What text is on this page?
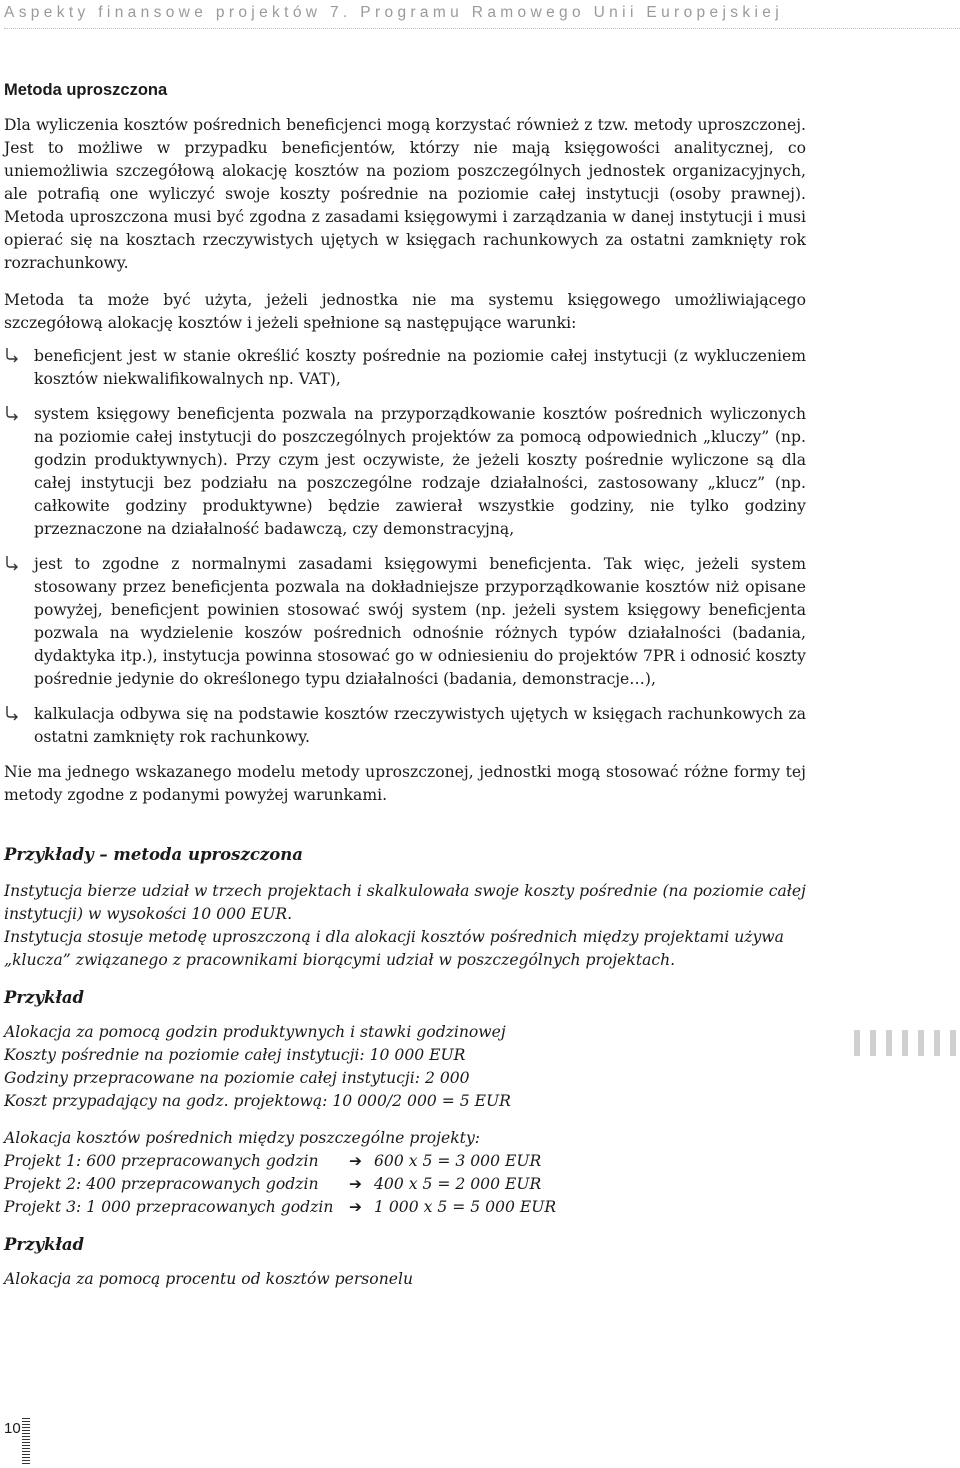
Aspekty finansowe projektów 7. Programu Ramowego Unii Europejskiej
Metoda uproszczona

Dla wyliczenia kosztów pośrednich beneficjenci mogą korzystać również z tzw. metody uproszczonej. Jest to możliwe w przypadku beneficjentów, którzy nie mają księgowości analitycznej, co uniemożliwia szczegółową alokację kosztów na poziom poszczególnych jednostek organizacyjnych, ale potrafią one wyliczyć swoje koszty pośrednie na poziomie całej instytucji (osoby prawnej). Metoda uproszczona musi być zgodna z zasadami księgowymi i zarządzania w danej instytucji i musi opierać się na kosztach rzeczywistych ujętych w księgach rachunkowych za ostatni zamknięty rok rozrachunkowy.

Metoda ta może być użyta, jeżeli jednostka nie ma systemu księgowego umożliwiającego szczegółową alokację kosztów i jeżeli spełnione są następujące warunki:

beneficjent jest w stanie określić koszty pośrednie na poziomie całej instytucji (z wykluczeniem kosztów niekwalifikowalnych np. VAT),
system księgowy beneficjenta pozwala na przyporządkowanie kosztów pośrednich wyliczonych na poziomie całej instytucji do poszczególnych projektów za pomocą odpowiednich „kluczy” (np. godzin produktywnych). Przy czym jest oczywiste, że jeżeli koszty pośrednie wyliczone są dla całej instytucji bez podziału na poszczególne rodzaje działalności, zastosowany „klucz” (np. całkowite godziny produktywne) będzie zawierał wszystkie godziny, nie tylko godziny przeznaczone na działalność badawczą, czy demonstracyjną,
jest to zgodne z normalnymi zasadami księgowymi beneficjenta. Tak więc, jeżeli system stosowany przez beneficjenta pozwala na dokładniejsze przyporządkowanie kosztów niż opisane powyżej, beneficjent powinien stosować swój system (np. jeżeli system księgowy beneficjenta pozwala na wydzielenie koszów pośrednich odnośnie różnych typów działalności (badania, dydaktyka itp.), instytucja powinna stosować go w odniesieniu do projektów 7PR i odnosić koszty pośrednie jedynie do określonego typu działalności (badania, demonstracje…),
kalkulacja odbywa się na podstawie kosztów rzeczywistych ujętych w księgach rachunkowych za ostatni zamknięty rok rachunkowy.

Nie ma jednego wskazanego modelu metody uproszczonej, jednostki mogą stosować różne formy tej metody zgodne z podanymi powyżej warunkami.

Przykłady – metoda uproszczona
Instytucja bierze udział w trzech projektach i skalkulowała swoje koszty pośrednie (na poziomie całej instytucji) w wysokości 10 000 EUR.
Instytucja stosuje metodę uproszczoną i dla alokacji kosztów pośrednich między projektami używa „klucza” związanego z pracownikami biorącymi udział w poszczególnych projektach.
Przykład
Alokacja za pomocą godzin produktywnych i stawki godzinowej
Koszty pośrednie na poziomie całej instytucji: 10 000 EUR
Godziny przepracowane na poziomie całej instytucji: 2 000
Koszt przypadający na godz. projektową: 10 000/2 000 = 5 EUR
Alokacja kosztów pośrednich między poszczególne projekty:
Projekt 1: 600 przepracowanych godzin	➔ 600 x 5 = 3 000 EUR
Projekt 2: 400 przepracowanych godzin	➔ 400 x 5 = 2 000 EUR
Projekt 3: 1 000 przepracowanych godzin	➔ 1 000 x 5 = 5 000 EUR
Przykład
Alokacja za pomocą procentu od kosztów personelu
10
